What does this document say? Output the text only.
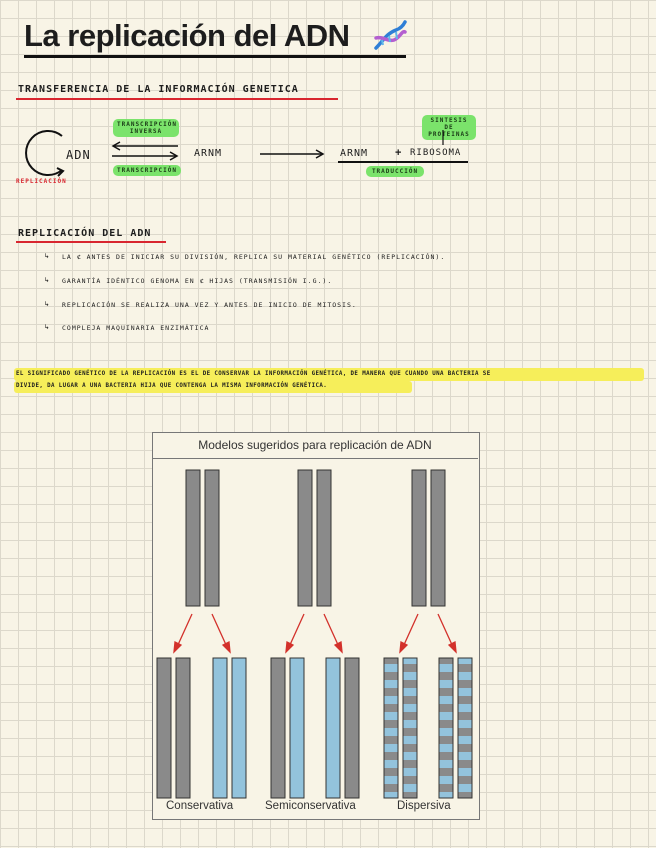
La replicación del ADN
TRANSFERENCIA DE LA INFORMACIÓN GENETICA
ADN
REPLICACIÓN
TRANSCRIPCIÓN INVERSA
TRANSCRIPCIÓN
ARNM
SINTESIS DE PROTEINAS
ARNM + RIBOSOMA
TRADUCCIÓN
REPLICACIÓN DEL ADN
↳ LA ⊄ ANTES DE INICIAR SU DIVISIÓN, REPLICA SU MATERIAL GENÉTICO (REPLICACIÓN).
↳ GARANTÍA IDÉNTICO GENOMA EN ⊄ HIJAS (TRANSMISIÓN I.G.).
↳ REPLICACIÓN SE REALIZA UNA VEZ Y ANTES DE INICIO DE MITOSIS.
↳ COMPLEJA MAQUINARIA ENZIMÁTICA
EL SIGNIFICADO GENÉTICO DE LA REPLICACIÓN ES EL DE CONSERVAR LA INFORMACIÓN GENÉTICA, DE MANERA QUE CUANDO UNA BACTERIA SE
DIVIDE, DA LUGAR A UNA BACTERIA HIJA QUE CONTENGA LA MISMA INFORMACIÓN GENÉTICA.
Modelos sugeridos para replicación de ADN
Conservativa	Semiconservativa	Dispersiva
